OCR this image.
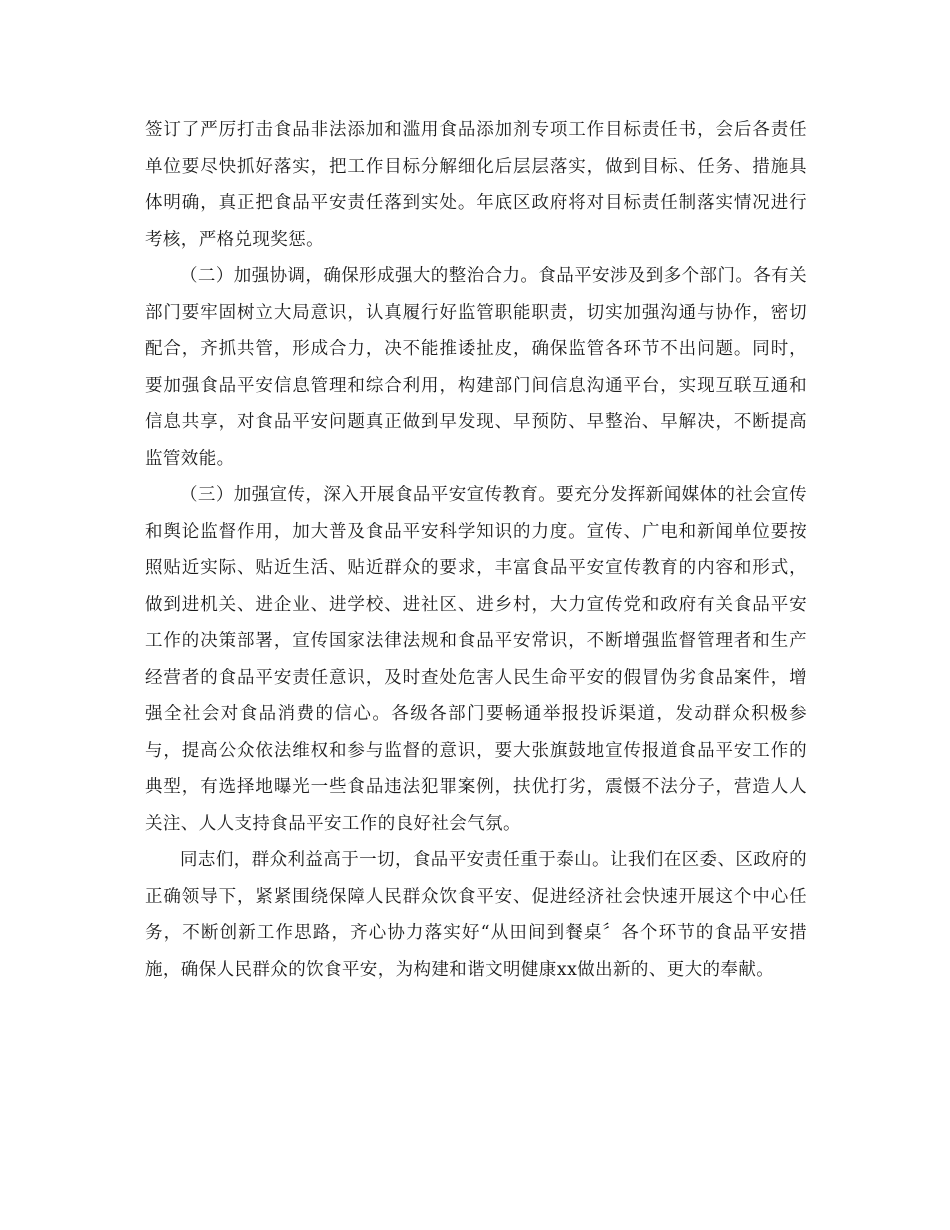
签订了严厉打击食品非法添加和滥用食品添加剂专项工作目标责任书，会后各责任单位要尽快抓好落实，把工作目标分解细化后层层落实，做到目标、任务、措施具体明确，真正把食品平安责任落到实处。年底区政府将对目标责任制落实情况进行考核，严格兑现奖惩。

（二）加强协调，确保形成强大的整治合力。食品平安涉及到多个部门。各有关部门要牢固树立大局意识，认真履行好监管职能职责，切实加强沟通与协作，密切配合，齐抓共管，形成合力，决不能推诿扯皮，确保监管各环节不出问题。同时，要加强食品平安信息管理和综合利用，构建部门间信息沟通平台，实现互联互通和信息共享，对食品平安问题真正做到早发现、早预防、早整治、早解决，不断提高监管效能。

（三）加强宣传，深入开展食品平安宣传教育。要充分发挥新闻媒体的社会宣传和舆论监督作用，加大普及食品平安科学知识的力度。宣传、广电和新闻单位要按照贴近实际、贴近生活、贴近群众的要求，丰富食品平安宣传教育的内容和形式，做到进机关、进企业、进学校、进社区、进乡村，大力宣传党和政府有关食品平安工作的决策部署，宣传国家法律法规和食品平安常识，不断增强监督管理者和生产经营者的食品平安责任意识，及时查处危害人民生命平安的假冒伪劣食品案件，增强全社会对食品消费的信心。各级各部门要畅通举报投诉渠道，发动群众积极参与，提高公众依法维权和参与监督的意识，要大张旗鼓地宣传报道食品平安工作的典型，有选择地曝光一些食品违法犯罪案例，扶优打劣，震慑不法分子，营造人人关注、人人支持食品平安工作的良好社会气氛。

同志们，群众利益高于一切，食品平安责任重于泰山。让我们在区委、区政府的正确领导下，紧紧围绕保障人民群众饮食平安、促进经济社会快速开展这个中心任务，不断创新工作思路，齐心协力落实好“从田间到餐桌〞各个环节的食品平安措施，确保人民群众的饮食平安，为构建和谐文明健康xx做出新的、更大的奉献。
